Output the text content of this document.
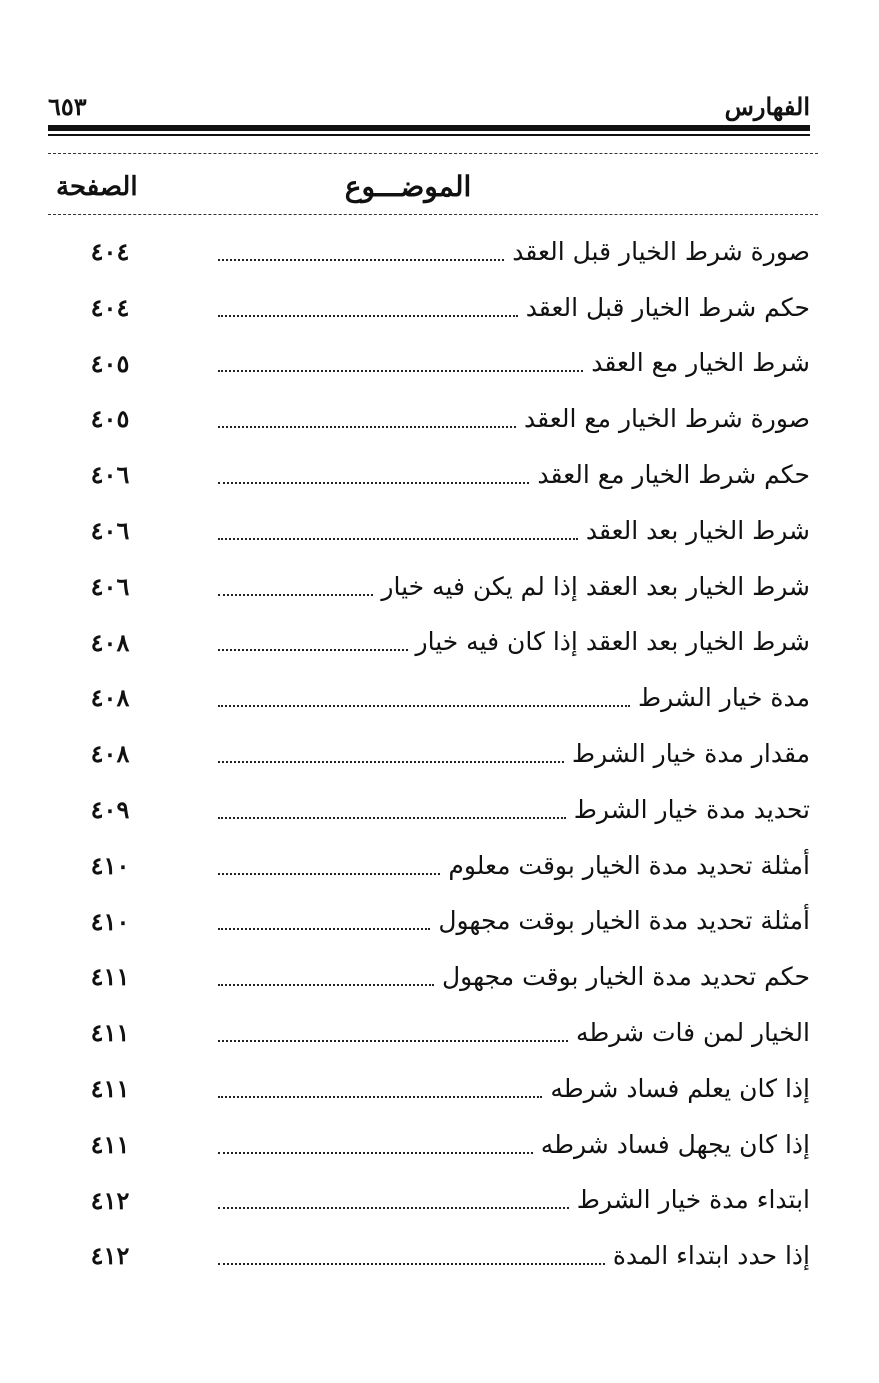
الفهارس
٦٥٣
الموضـــوع
الصفحة
صورة شرط الخيار قبل العقد
٤٠٤
حكم شرط الخيار قبل العقد
٤٠٤
شرط الخيار مع العقد
٤٠٥
صورة شرط الخيار مع العقد
٤٠٥
حكم شرط الخيار مع العقد
٤٠٦
شرط الخيار بعد العقد
٤٠٦
شرط الخيار بعد العقد إذا لم يكن فيه خيار
٤٠٦
شرط الخيار بعد العقد إذا كان فيه خيار
٤٠٨
مدة خيار الشرط
٤٠٨
مقدار مدة خيار الشرط
٤٠٨
تحديد مدة خيار الشرط
٤٠٩
أمثلة تحديد مدة الخيار بوقت معلوم
٤١٠
أمثلة تحديد مدة الخيار بوقت مجهول
٤١٠
حكم تحديد مدة الخيار بوقت مجهول
٤١١
الخيار لمن فات شرطه
٤١١
إذا كان يعلم فساد شرطه
٤١١
إذا كان يجهل فساد شرطه
٤١١
ابتداء مدة خيار الشرط
٤١٢
إذا حدد ابتداء المدة
٤١٢
